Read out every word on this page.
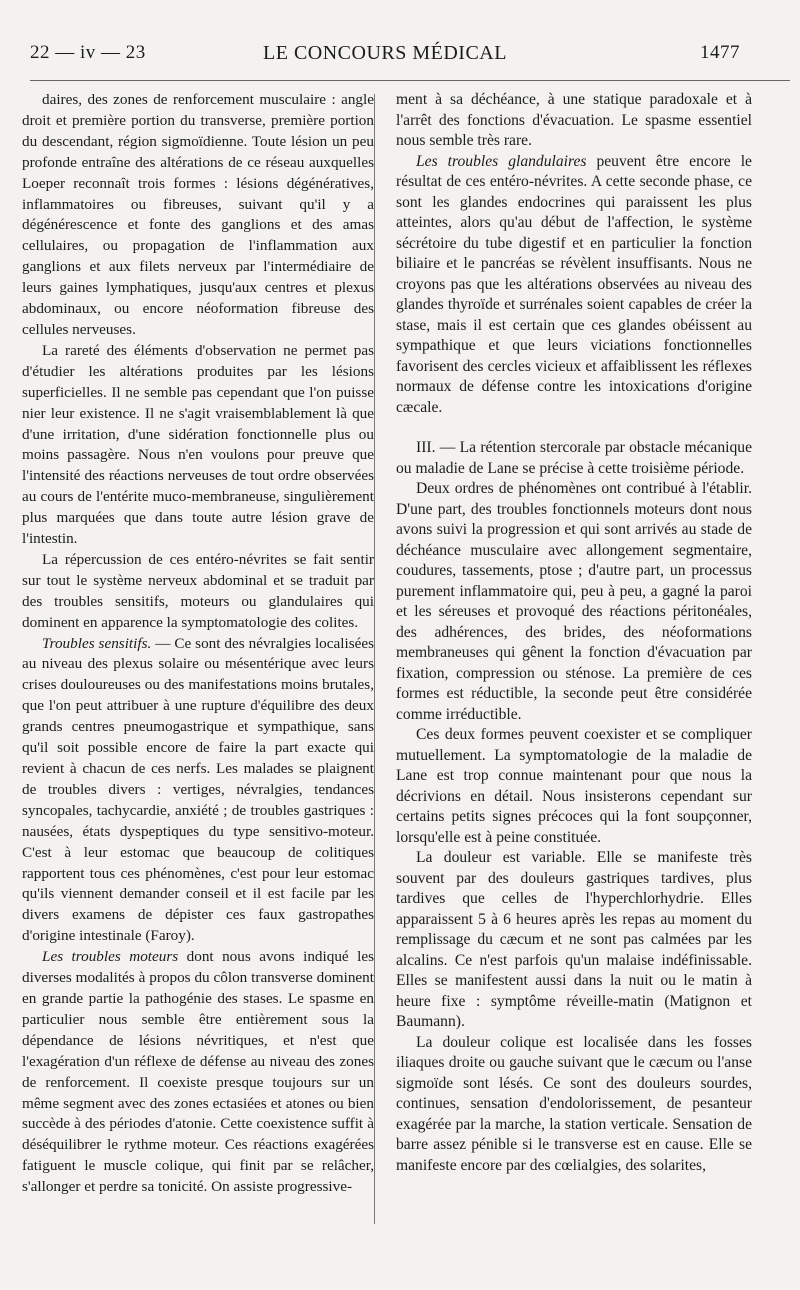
22 — iv — 23	LE CONCOURS MÉDICAL	1477

daires, des zones de renforcement musculaire : angle droit et première portion du transverse, première portion du descendant, région sigmoïdienne. Toute lésion un peu profonde entraîne des altérations de ce réseau auxquelles Loeper reconnaît trois formes : lésions dégénératives, inflammatoires ou fibreuses, suivant qu'il y a dégénérescence et fonte des ganglions et des amas cellulaires, ou propagation de l'inflammation aux ganglions et aux filets nerveux par l'intermédiaire de leurs gaines lymphatiques, jusqu'aux centres et plexus abdominaux, ou encore néoformation fibreuse des cellules nerveuses.

La rareté des éléments d'observation ne permet pas d'étudier les altérations produites par les lésions superficielles. Il ne semble pas cependant que l'on puisse nier leur existence. Il ne s'agit vraisemblablement là que d'une irritation, d'une sidération fonctionnelle plus ou moins passagère. Nous n'en voulons pour preuve que l'intensité des réactions nerveuses de tout ordre observées au cours de l'entérite muco-membraneuse, singulièrement plus marquées que dans toute autre lésion grave de l'intestin.

La répercussion de ces entéro-névrites se fait sentir sur tout le système nerveux abdominal et se traduit par des troubles sensitifs, moteurs ou glandulaires qui dominent en apparence la symptomatologie des colites.

Troubles sensitifs. — Ce sont des névralgies localisées au niveau des plexus solaire ou mésentérique avec leurs crises douloureuses ou des manifestations moins brutales, que l'on peut attribuer à une rupture d'équilibre des deux grands centres pneumogastrique et sympathique, sans qu'il soit possible encore de faire la part exacte qui revient à chacun de ces nerfs. Les malades se plaignent de troubles divers : vertiges, névralgies, tendances syncopales, tachycardie, anxiété ; de troubles gastriques : nausées, états dyspeptiques du type sensitivo-moteur. C'est à leur estomac que beaucoup de colitiques rapportent tous ces phénomènes, c'est pour leur estomac qu'ils viennent demander conseil et il est facile par les divers examens de dépister ces faux gastropathes d'origine intestinale (Faroy).

Les troubles moteurs dont nous avons indiqué les diverses modalités à propos du côlon transverse dominent en grande partie la pathogénie des stases. Le spasme en particulier nous semble être entièrement sous la dépendance de lésions névritiques, et n'est que l'exagération d'un réflexe de défense au niveau des zones de renforcement. Il coexiste presque toujours sur un même segment avec des zones ectasiées et atones ou bien succède à des périodes d'atonie. Cette coexistence suffit à déséquilibrer le rythme moteur. Ces réactions exagérées fatiguent le muscle colique, qui finit par se relâcher, s'allonger et perdre sa tonicité. On assiste progressive-

ment à sa déchéance, à une statique paradoxale et à l'arrêt des fonctions d'évacuation. Le spasme essentiel nous semble très rare.

Les troubles glandulaires peuvent être encore le résultat de ces entéro-névrites. A cette seconde phase, ce sont les glandes endocrines qui paraissent les plus atteintes, alors qu'au début de l'affection, le système sécrétoire du tube digestif et en particulier la fonction biliaire et le pancréas se révèlent insuffisants. Nous ne croyons pas que les altérations observées au niveau des glandes thyroïde et surrénales soient capables de créer la stase, mais il est certain que ces glandes obéissent au sympathique et que leurs viciations fonctionnelles favorisent des cercles vicieux et affaiblissent les réflexes normaux de défense contre les intoxications d'origine cæcale.

III. — La rétention stercorale par obstacle mécanique ou maladie de Lane se précise à cette troisième période.

Deux ordres de phénomènes ont contribué à l'établir. D'une part, des troubles fonctionnels moteurs dont nous avons suivi la progression et qui sont arrivés au stade de déchéance musculaire avec allongement segmentaire, coudures, tassements, ptose ; d'autre part, un processus purement inflammatoire qui, peu à peu, a gagné la paroi et les séreuses et provoqué des réactions péritonéales, des adhérences, des brides, des néoformations membraneuses qui gênent la fonction d'évacuation par fixation, compression ou sténose. La première de ces formes est réductible, la seconde peut être considérée comme irréductible.

Ces deux formes peuvent coexister et se compliquer mutuellement. La symptomatologie de la maladie de Lane est trop connue maintenant pour que nous la décrivions en détail. Nous insisterons cependant sur certains petits signes précoces qui la font soupçonner, lorsqu'elle est à peine constituée.

La douleur est variable. Elle se manifeste très souvent par des douleurs gastriques tardives, plus tardives que celles de l'hyperchlorhydrie. Elles apparaissent 5 à 6 heures après les repas au moment du remplissage du cæcum et ne sont pas calmées par les alcalins. Ce n'est parfois qu'un malaise indéfinissable. Elles se manifestent aussi dans la nuit ou le matin à heure fixe : symptôme réveille-matin (Matignon et Baumann).

La douleur colique est localisée dans les fosses iliaques droite ou gauche suivant que le cæcum ou l'anse sigmoïde sont lésés. Ce sont des douleurs sourdes, continues, sensation d'endolorissement, de pesanteur exagérée par la marche, la station verticale. Sensation de barre assez pénible si le transverse est en cause. Elle se manifeste encore par des cœlialgies, des solarites,
